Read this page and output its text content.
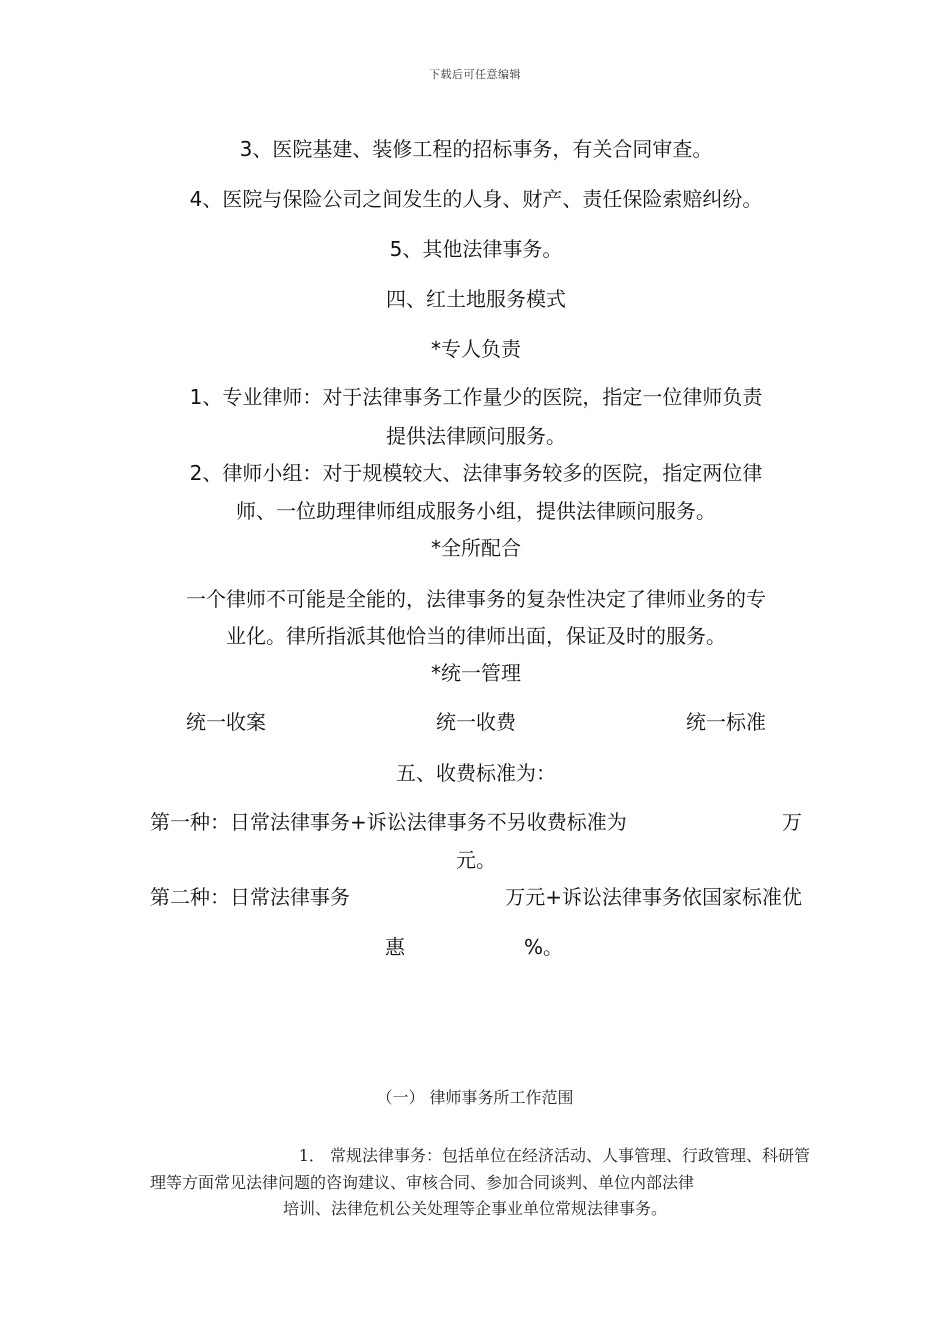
下载后可任意编辑
3、医院基建、装修工程的招标事务，有关合同审查。
4、医院与保险公司之间发生的人身、财产、责任保险索赔纠纷。
5、其他法律事务。
四、红土地服务模式
*专人负责
1、专业律师：对于法律事务工作量少的医院，指定一位律师负责
提供法律顾问服务。
2、律师小组：对于规模较大、法律事务较多的医院，指定两位律
师、一位助理律师组成服务小组，提供法律顾问服务。
*全所配合
一个律师不可能是全能的，法律事务的复杂性决定了律师业务的专
业化。律所指派其他恰当的律师出面，保证及时的服务。
*统一管理
统一收案	统一收费	统一标准
五、收费标准为：
第一种：日常法律事务+诉讼法律事务不另收费标准为	万
元。
第二种：日常法律事务	万元+诉讼法律事务依国家标准优
惠	%。
（一） 律师事务所工作范围
1． 常规法律事务：包括单位在经济活动、人事管理、行政管理、科研管
理等方面常见法律问题的咨询建议、审核合同、参加合同谈判、单位内部法律
培训、法律危机公关处理等企事业单位常规法律事务。
